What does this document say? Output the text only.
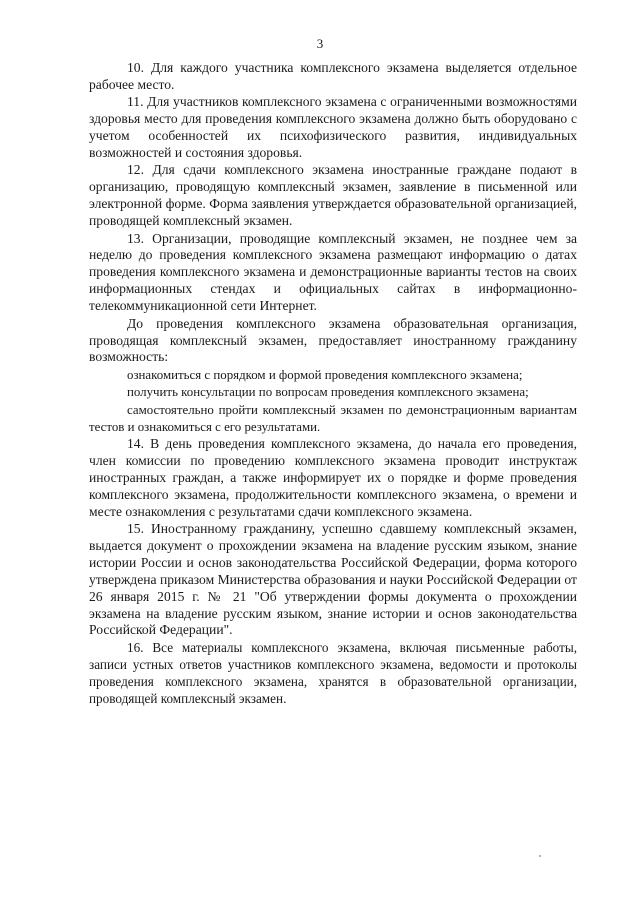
3

10. Для каждого участника комплексного экзамена выделяется отдельное рабочее место.

11. Для участников комплексного экзамена с ограниченными возможностями здоровья место для проведения комплексного экзамена должно быть оборудовано с учетом особенностей их психофизического развития, индивидуальных возможностей и состояния здоровья.

12. Для сдачи комплексного экзамена иностранные граждане подают в организацию, проводящую комплексный экзамен, заявление в письменной или электронной форме. Форма заявления утверждается образовательной организацией, проводящей комплексный экзамен.

13. Организации, проводящие комплексный экзамен, не позднее чем за неделю до проведения комплексного экзамена размещают информацию о датах проведения комплексного экзамена и демонстрационные варианты тестов на своих информационных стендах и официальных сайтах в информационно-телекоммуникационной сети Интернет.

До проведения комплексного экзамена образовательная организация, проводящая комплексный экзамен, предоставляет иностранному гражданину возможность:

ознакомиться с порядком и формой проведения комплексного экзамена;

получить консультации по вопросам проведения комплексного экзамена;

самостоятельно пройти комплексный экзамен по демонстрационным вариантам тестов и ознакомиться с его результатами.

14. В день проведения комплексного экзамена, до начала его проведения, член комиссии по проведению комплексного экзамена проводит инструктаж иностранных граждан, а также информирует их о порядке и форме проведения комплексного экзамена, продолжительности комплексного экзамена, о времени и месте ознакомления с результатами сдачи комплексного экзамена.

15. Иностранному гражданину, успешно сдавшему комплексный экзамен, выдается документ о прохождении экзамена на владение русским языком, знание истории России и основ законодательства Российской Федерации, форма которого утверждена приказом Министерства образования и науки Российской Федерации от 26 января 2015 г. № 21 "Об утверждении формы документа о прохождении экзамена на владение русским языком, знание истории и основ законодательства Российской Федерации".

16. Все материалы комплексного экзамена, включая письменные работы, записи устных ответов участников комплексного экзамена, ведомости и протоколы проведения комплексного экзамена, хранятся в образовательной организации, проводящей комплексный экзамен.
